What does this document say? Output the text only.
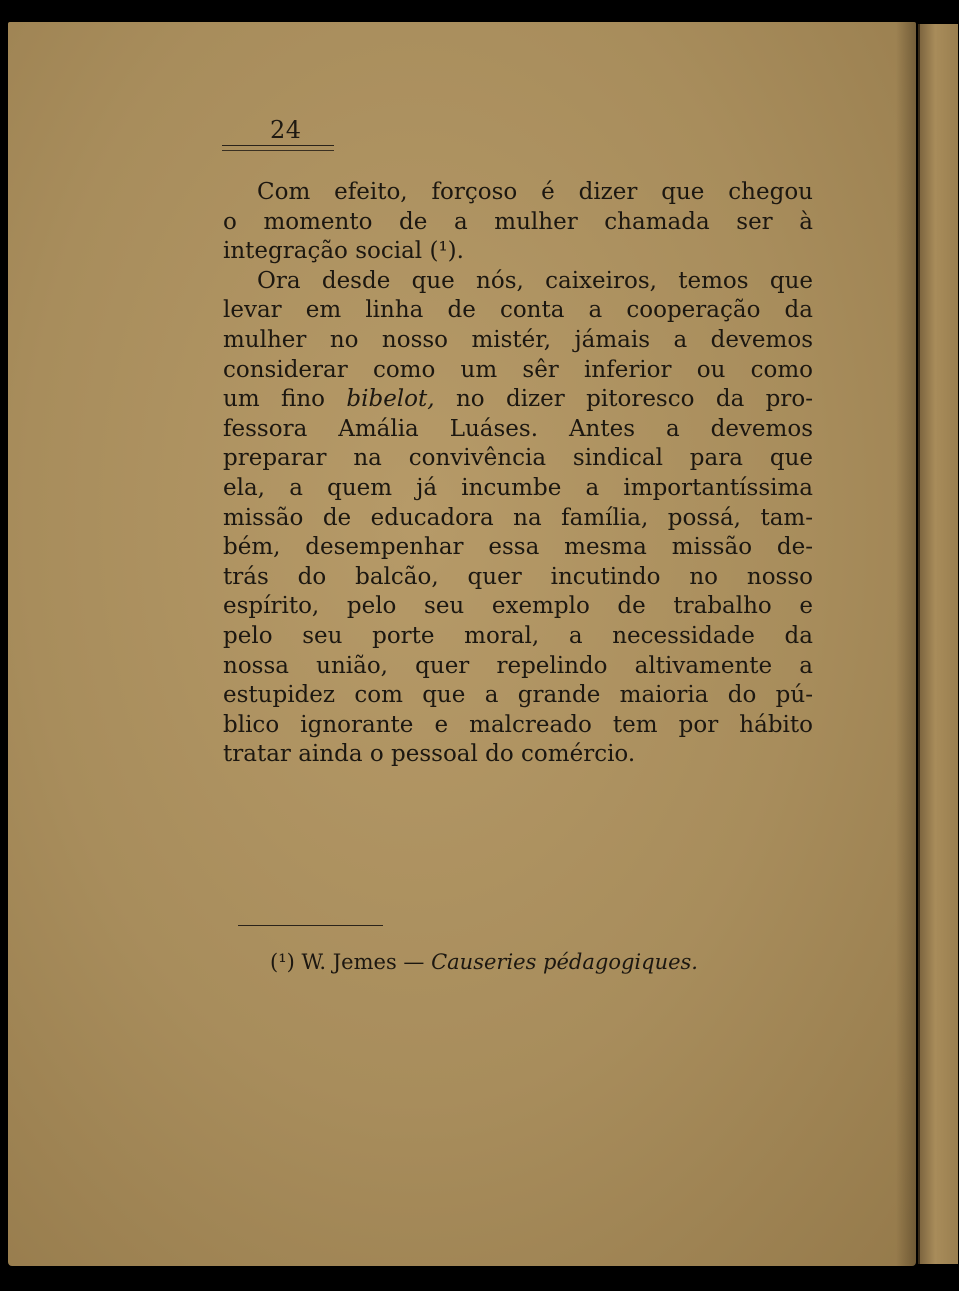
24
Com efeito, forçoso é dizer que chegou
o momento de a mulher chamada ser à
integração social (¹).
Ora desde que nós, caixeiros, temos que
levar em linha de conta a cooperação da
mulher no nosso mistér, jámais a devemos
considerar como um sêr inferior ou como
um fino bibelot, no dizer pitoresco da pro-
fessora Amália Luáses. Antes a devemos
preparar na convivência sindical para que
ela, a quem já incumbe a importantíssima
missão de educadora na família, possá, tam-
bém, desempenhar essa mesma missão de-
trás do balcão, quer incutindo no nosso
espírito, pelo seu exemplo de trabalho e
pelo seu porte moral, a necessidade da
nossa união, quer repelindo altivamente a
estupidez com que a grande maioria do pú-
blico ignorante e malcreado tem por hábito
tratar ainda o pessoal do comércio.
(¹) W. Jemes — Causeries pédagogiques.
